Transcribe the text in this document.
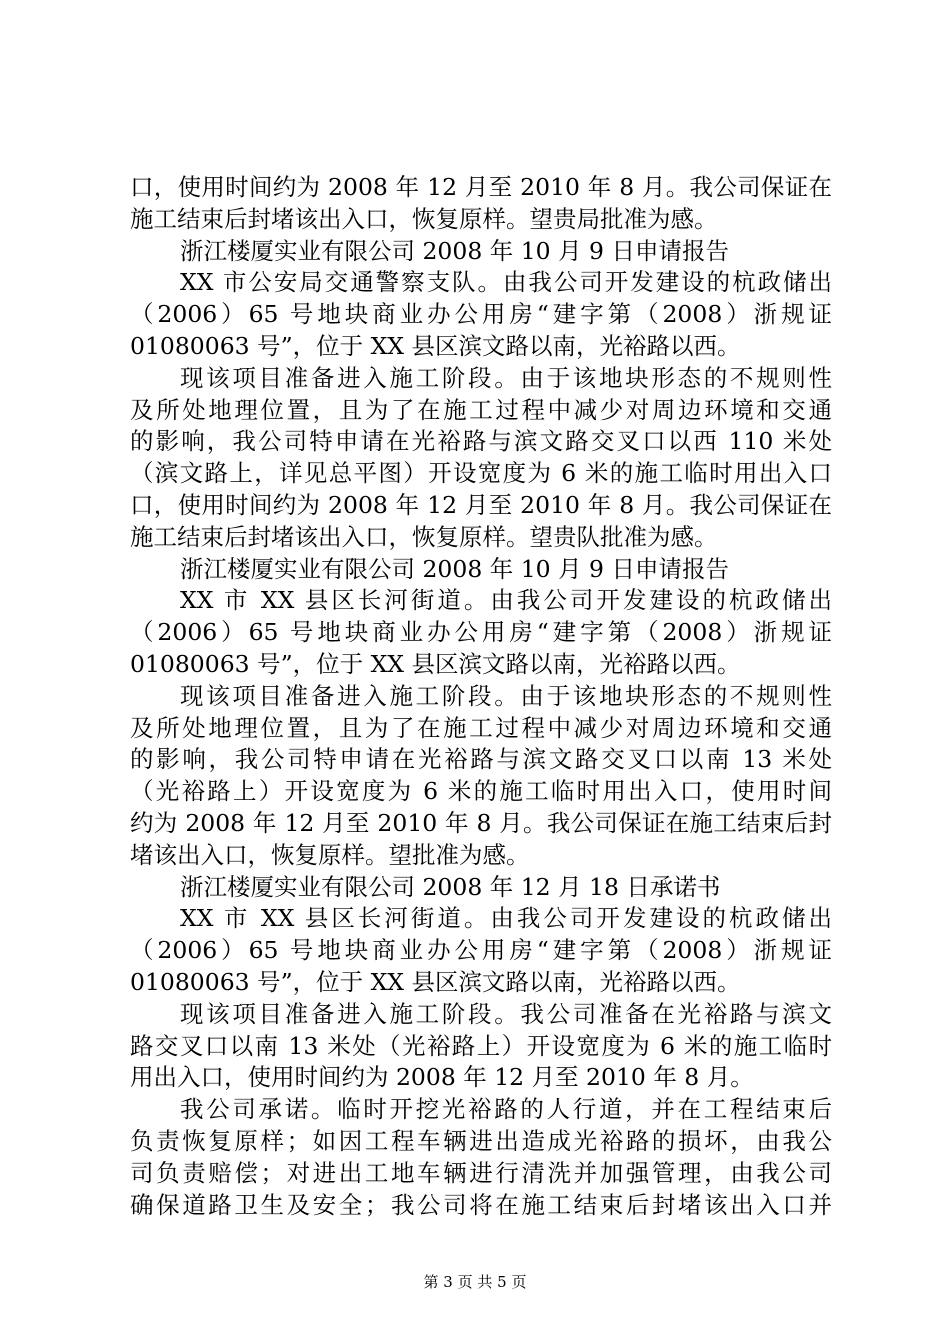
口，使用时间约为 2008 年 12 月至 2010 年 8 月。我公司保证在
施工结束后封堵该出入口，恢复原样。望贵局批准为感。
浙江楼厦实业有限公司 2008 年 10 月 9 日申请报告
XX 市公安局交通警察支队。由我公司开发建设的杭政储出
（2006）65 号地块商业办公用房“建字第（2008）浙规证
01080063 号”，位于 XX 县区滨文路以南，光裕路以西。
现该项目准备进入施工阶段。由于该地块形态的不规则性
及所处地理位置，且为了在施工过程中减少对周边环境和交通
的影响，我公司特申请在光裕路与滨文路交叉口以西 110 米处
（滨文路上，详见总平图）开设宽度为 6 米的施工临时用出入口
口，使用时间约为 2008 年 12 月至 2010 年 8 月。我公司保证在
施工结束后封堵该出入口，恢复原样。望贵队批准为感。
浙江楼厦实业有限公司 2008 年 10 月 9 日申请报告
XX 市 XX 县区长河街道。由我公司开发建设的杭政储出
（2006）65 号地块商业办公用房“建字第（2008）浙规证
01080063 号”，位于 XX 县区滨文路以南，光裕路以西。
现该项目准备进入施工阶段。由于该地块形态的不规则性
及所处地理位置，且为了在施工过程中减少对周边环境和交通
的影响，我公司特申请在光裕路与滨文路交叉口以南 13 米处
（光裕路上）开设宽度为 6 米的施工临时用出入口，使用时间
约为 2008 年 12 月至 2010 年 8 月。我公司保证在施工结束后封
堵该出入口，恢复原样。望批准为感。
浙江楼厦实业有限公司 2008 年 12 月 18 日承诺书
XX 市 XX 县区长河街道。由我公司开发建设的杭政储出
（2006）65 号地块商业办公用房“建字第（2008）浙规证
01080063 号”，位于 XX 县区滨文路以南，光裕路以西。
现该项目准备进入施工阶段。我公司准备在光裕路与滨文
路交叉口以南 13 米处（光裕路上）开设宽度为 6 米的施工临时
用出入口，使用时间约为 2008 年 12 月至 2010 年 8 月。
我公司承诺。临时开挖光裕路的人行道，并在工程结束后
负责恢复原样；如因工程车辆进出造成光裕路的损坏，由我公
司负责赔偿；对进出工地车辆进行清洗并加强管理，由我公司
确保道路卫生及安全；我公司将在施工结束后封堵该出入口并
第 3 页 共 5 页
